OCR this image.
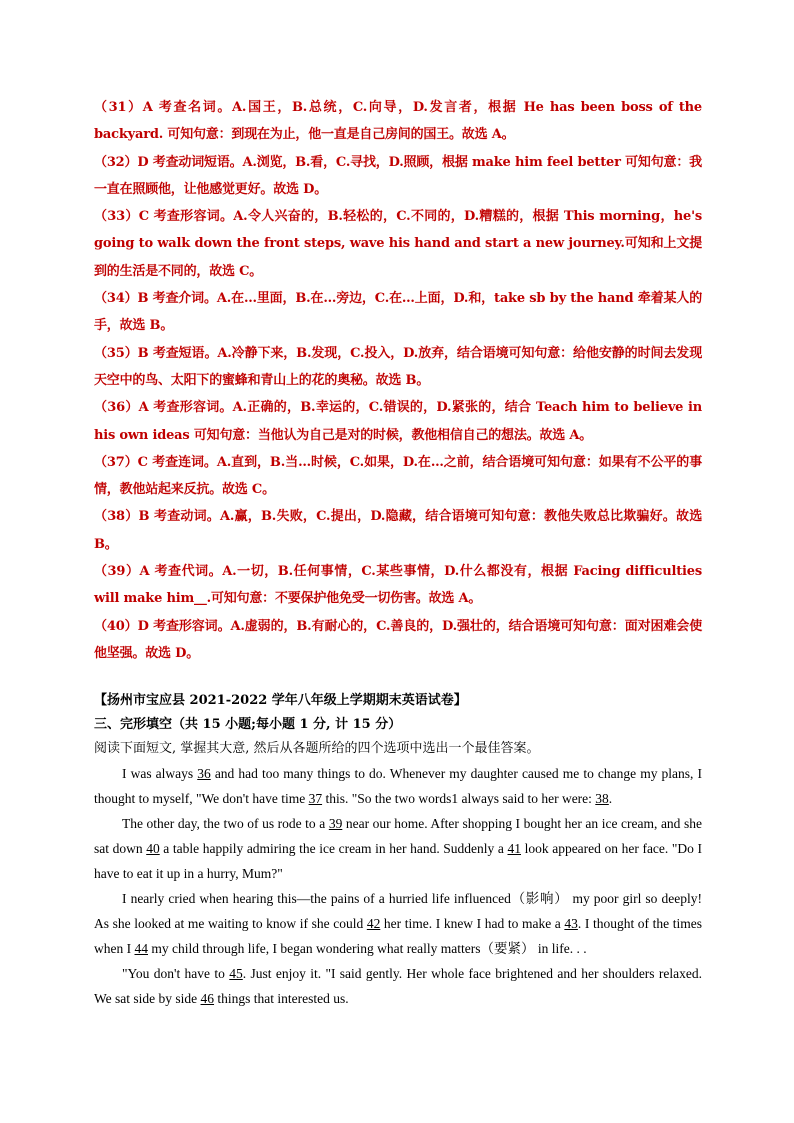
（31）A 考查名词。A.国王，B.总统，C.向导，D.发言者，根据 He has been boss of the backyard. 可知句意：到现在为止，他一直是自己房间的国王。故选 A。

（32）D 考查动词短语。A.浏览，B.看，C.寻找，D.照顾，根据 make him feel better 可知句意：我一直在照顾他，让他感觉更好。故选 D。

（33）C 考查形容词。A.令人兴奋的，B.轻松的，C.不同的，D.糟糕的，根据 This morning，he's going to walk down the front steps, wave his hand and start a new journey.可知和上文提到的生活是不同的，故选 C。

（34）B 考查介词。A.在…里面，B.在…旁边，C.在…上面，D.和，take sb by the hand 牵着某人的手，故选 B。

（35）B 考查短语。A.冷静下来，B.发现，C.投入，D.放弃，结合语境可知句意：给他安静的时间去发现天空中的鸟、太阳下的蜜蜂和青山上的花的奥秘。故选 B。

（36）A 考查形容词。A.正确的，B.幸运的，C.错误的，D.紧张的，结合 Teach him to believe in his own ideas 可知句意：当他认为自己是对的时候，教他相信自己的想法。故选 A。

（37）C 考查连词。A.直到，B.当…时候，C.如果，D.在…之前，结合语境可知句意：如果有不公平的事情，教他站起来反抗。故选 C。

（38）B 考查动词。A.赢，B.失败，C.提出，D.隐藏，结合语境可知句意：教他失败总比欺骗好。故选 B。

（39）A 考查代词。A.一切，B.任何事情，C.某些事情，D.什么都没有，根据 Facing difficulties will make him__.可知句意：不要保护他免受一切伤害。故选 A。

（40）D 考查形容词。A.虚弱的，B.有耐心的，C.善良的，D.强壮的，结合语境可知句意：面对困难会使他坚强。故选 D。

【扬州市宝应县 2021-2022 学年八年级上学期期末英语试卷】

三、完形填空（共 15 小题;每小题 1 分, 计 15 分）

阅读下面短文, 掌握其大意, 然后从各题所给的四个选项中选出一个最佳答案。

I was always 36 and had too many things to do. Whenever my daughter caused me to change my plans, I thought to myself, "We don't have time 37 this. "So the two words1 always said to her were: 38.

The other day, the two of us rode to a 39 near our home. After shopping I bought her an ice cream, and she sat down 40 a table happily admiring the ice cream in her hand. Suddenly a 41 look appeared on her face. "Do I have to eat it up in a hurry, Mum?"

I nearly cried when hearing this—the pains of a hurried life influenced（影响） my poor girl so deeply! As she looked at me waiting to know if she could 42 her time. I knew I had to make a 43. I thought of the times when I 44 my child through life, I began wondering what really matters（要紧） in life. . .

"You don't have to 45. Just enjoy it. "I said gently. Her whole face brightened and her shoulders relaxed. We sat side by side 46 things that interested us.
